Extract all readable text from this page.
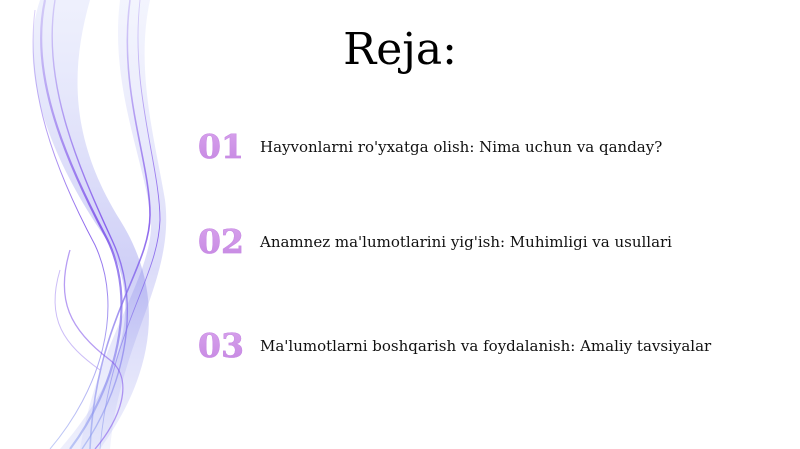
Reja:
01	Hayvonlarni ro'yxatga olish: Nima uchun va qanday?
02	Anamnez ma'lumotlarini yig'ish: Muhimligi va usullari
03	Ma'lumotlarni boshqarish va foydalanish: Amaliy tavsiyalar
